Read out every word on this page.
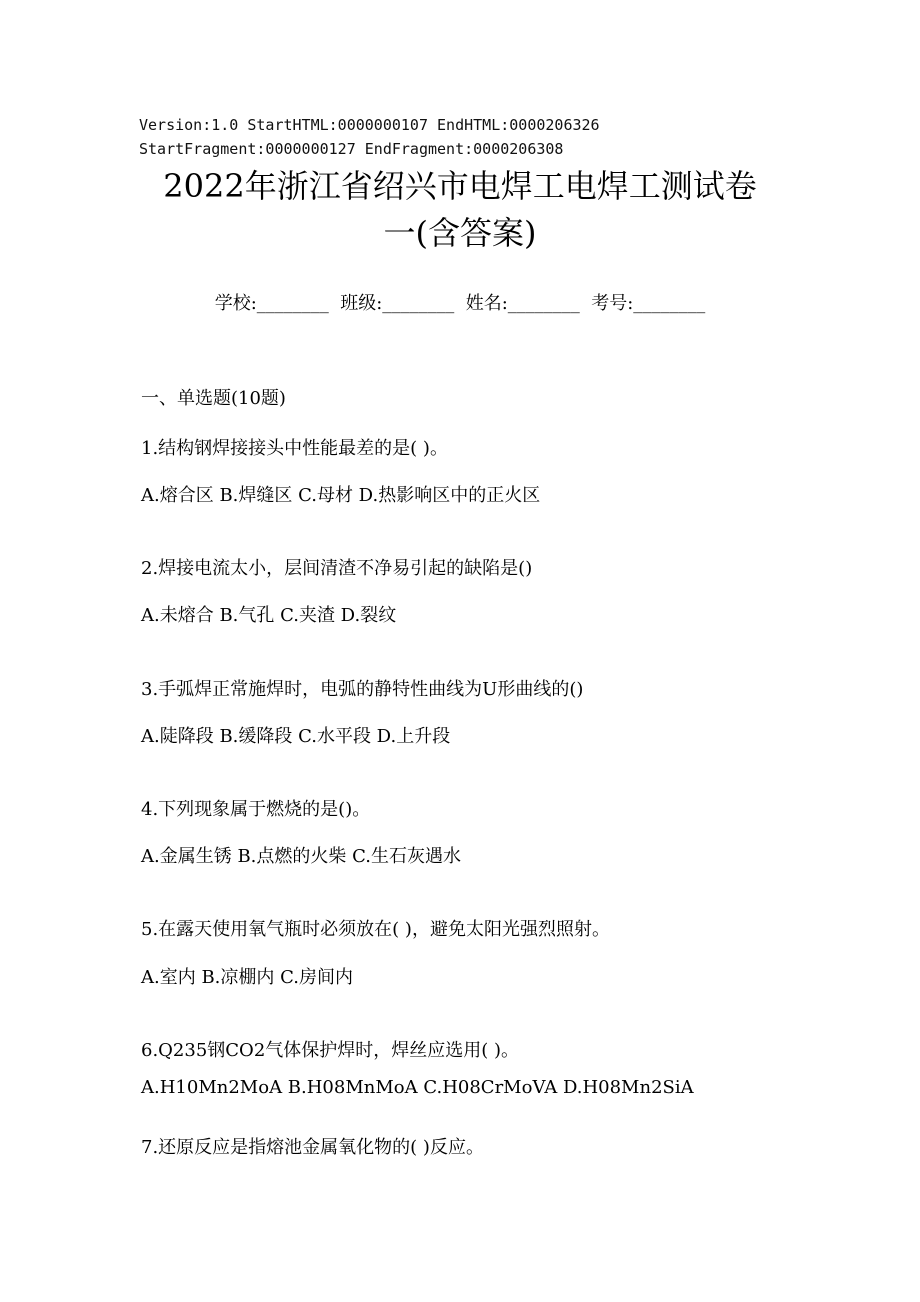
Version:1.0 StartHTML:0000000107 EndHTML:0000206326
StartFragment:0000000127 EndFragment:0000206308
2022年浙江省绍兴市电焊工电焊工测试卷
一(含答案)
学校:________  班级:________  姓名:________  考号:________
一、单选题(10题)
1.结构钢焊接接头中性能最差的是( )。
A.熔合区 B.焊缝区 C.母材 D.热影响区中的正火区
2.焊接电流太小，层间清渣不净易引起的缺陷是()
A.未熔合 B.气孔 C.夹渣 D.裂纹
3.手弧焊正常施焊时，电弧的静特性曲线为U形曲线的()
A.陡降段 B.缓降段 C.水平段 D.上升段
4.下列现象属于燃烧的是()。
A.金属生锈 B.点燃的火柴 C.生石灰遇水
5.在露天使用氧气瓶时必须放在( )，避免太阳光强烈照射。
A.室内 B.凉棚内 C.房间内
6.Q235钢CO2气体保护焊时，焊丝应选用( )。
A.H10Mn2MoA B.H08MnMoA C.H08CrMoVA D.H08Mn2SiA
7.还原反应是指熔池金属氧化物的( )反应。
